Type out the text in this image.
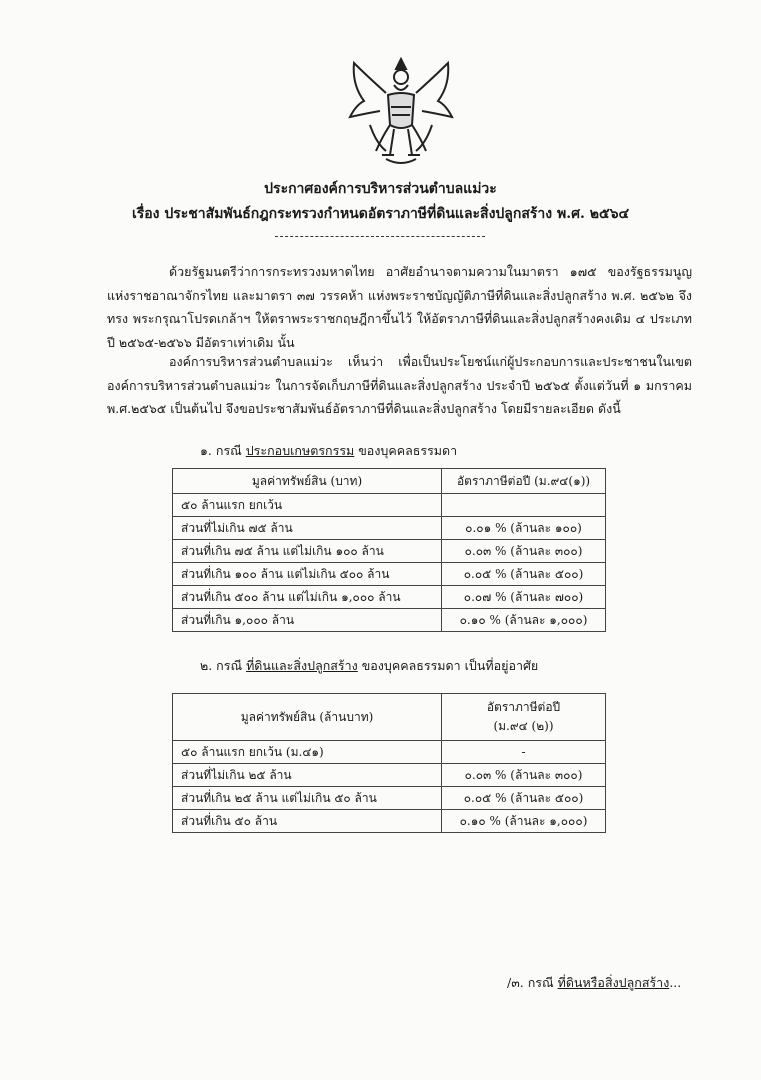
ประกาศองค์การบริหารส่วนตำบลแม่วะ
เรื่อง ประชาสัมพันธ์กฎกระทรวงกำหนดอัตราภาษีที่ดินและสิ่งปลูกสร้าง พ.ศ. ๒๕๖๔

ด้วยรัฐมนตรีว่าการกระทรวงมหาดไทย อาศัยอำนาจตามความในมาตรา ๑๗๕ ของรัฐธรรมนูญแห่งราชอาณาจักรไทย และมาตรา ๓๗ วรรคห้า แห่งพระราชบัญญัติภาษีที่ดินและสิ่งปลูกสร้าง พ.ศ. ๒๕๖๒ จึงทรง พระกรุณาโปรดเกล้าฯ ให้ตราพระราชกฤษฎีกาขึ้นไว้ ให้อัตราภาษีที่ดินและสิ่งปลูกสร้างคงเดิม ๔ ประเภท ปี ๒๕๖๕-๒๕๖๖ มีอัตราเท่าเดิม นั้น

องค์การบริหารส่วนตำบลแม่วะ เห็นว่า เพื่อเป็นประโยชน์แก่ผู้ประกอบการและประชาชนในเขตองค์การบริหารส่วนตำบลแม่วะ ในการจัดเก็บภาษีที่ดินและสิ่งปลูกสร้าง ประจำปี ๒๕๖๕ ตั้งแต่วันที่ ๑ มกราคม พ.ศ.๒๕๖๕ เป็นต้นไป จึงขอประชาสัมพันธ์อัตราภาษีที่ดินและสิ่งปลูกสร้าง โดยมีรายละเอียด ดังนี้

๑. กรณี ประกอบเกษตรกรรม ของบุคคลธรรมดา
มูลค่าทรัพย์สิน (บาท)	อัตราภาษีต่อปี (ม.๙๔(๑))
๕๐ ล้านแรก ยกเว้น	
ส่วนที่ไม่เกิน ๗๕ ล้าน	๐.๐๑ % (ล้านละ ๑๐๐)
ส่วนที่เกิน ๗๕ ล้าน แต่ไม่เกิน ๑๐๐ ล้าน	๐.๐๓ % (ล้านละ ๓๐๐)
ส่วนที่เกิน ๑๐๐ ล้าน แต่ไม่เกิน ๕๐๐ ล้าน	๐.๐๕ % (ล้านละ ๕๐๐)
ส่วนที่เกิน ๕๐๐ ล้าน แต่ไม่เกิน ๑,๐๐๐ ล้าน	๐.๐๗ % (ล้านละ ๗๐๐)
ส่วนที่เกิน ๑,๐๐๐ ล้าน	๐.๑๐ % (ล้านละ ๑,๐๐๐)
๒. กรณี ที่ดินและสิ่งปลูกสร้าง ของบุคคลธรรมดา เป็นที่อยู่อาศัย
มูลค่าทรัพย์สิน (ล้านบาท)	อัตราภาษีต่อปี
(ม.๙๔ (๒))

๕๐ ล้านแรก ยกเว้น (ม.๔๑)	-
ส่วนที่ไม่เกิน ๒๕ ล้าน	๐.๐๓ % (ล้านละ ๓๐๐)
ส่วนที่เกิน ๒๕ ล้าน แต่ไม่เกิน ๕๐ ล้าน	๐.๐๕ % (ล้านละ ๕๐๐)
ส่วนที่เกิน ๕๐ ล้าน	๐.๑๐ % (ล้านละ ๑,๐๐๐)
/๓. กรณี ที่ดินหรือสิ่งปลูกสร้าง...
